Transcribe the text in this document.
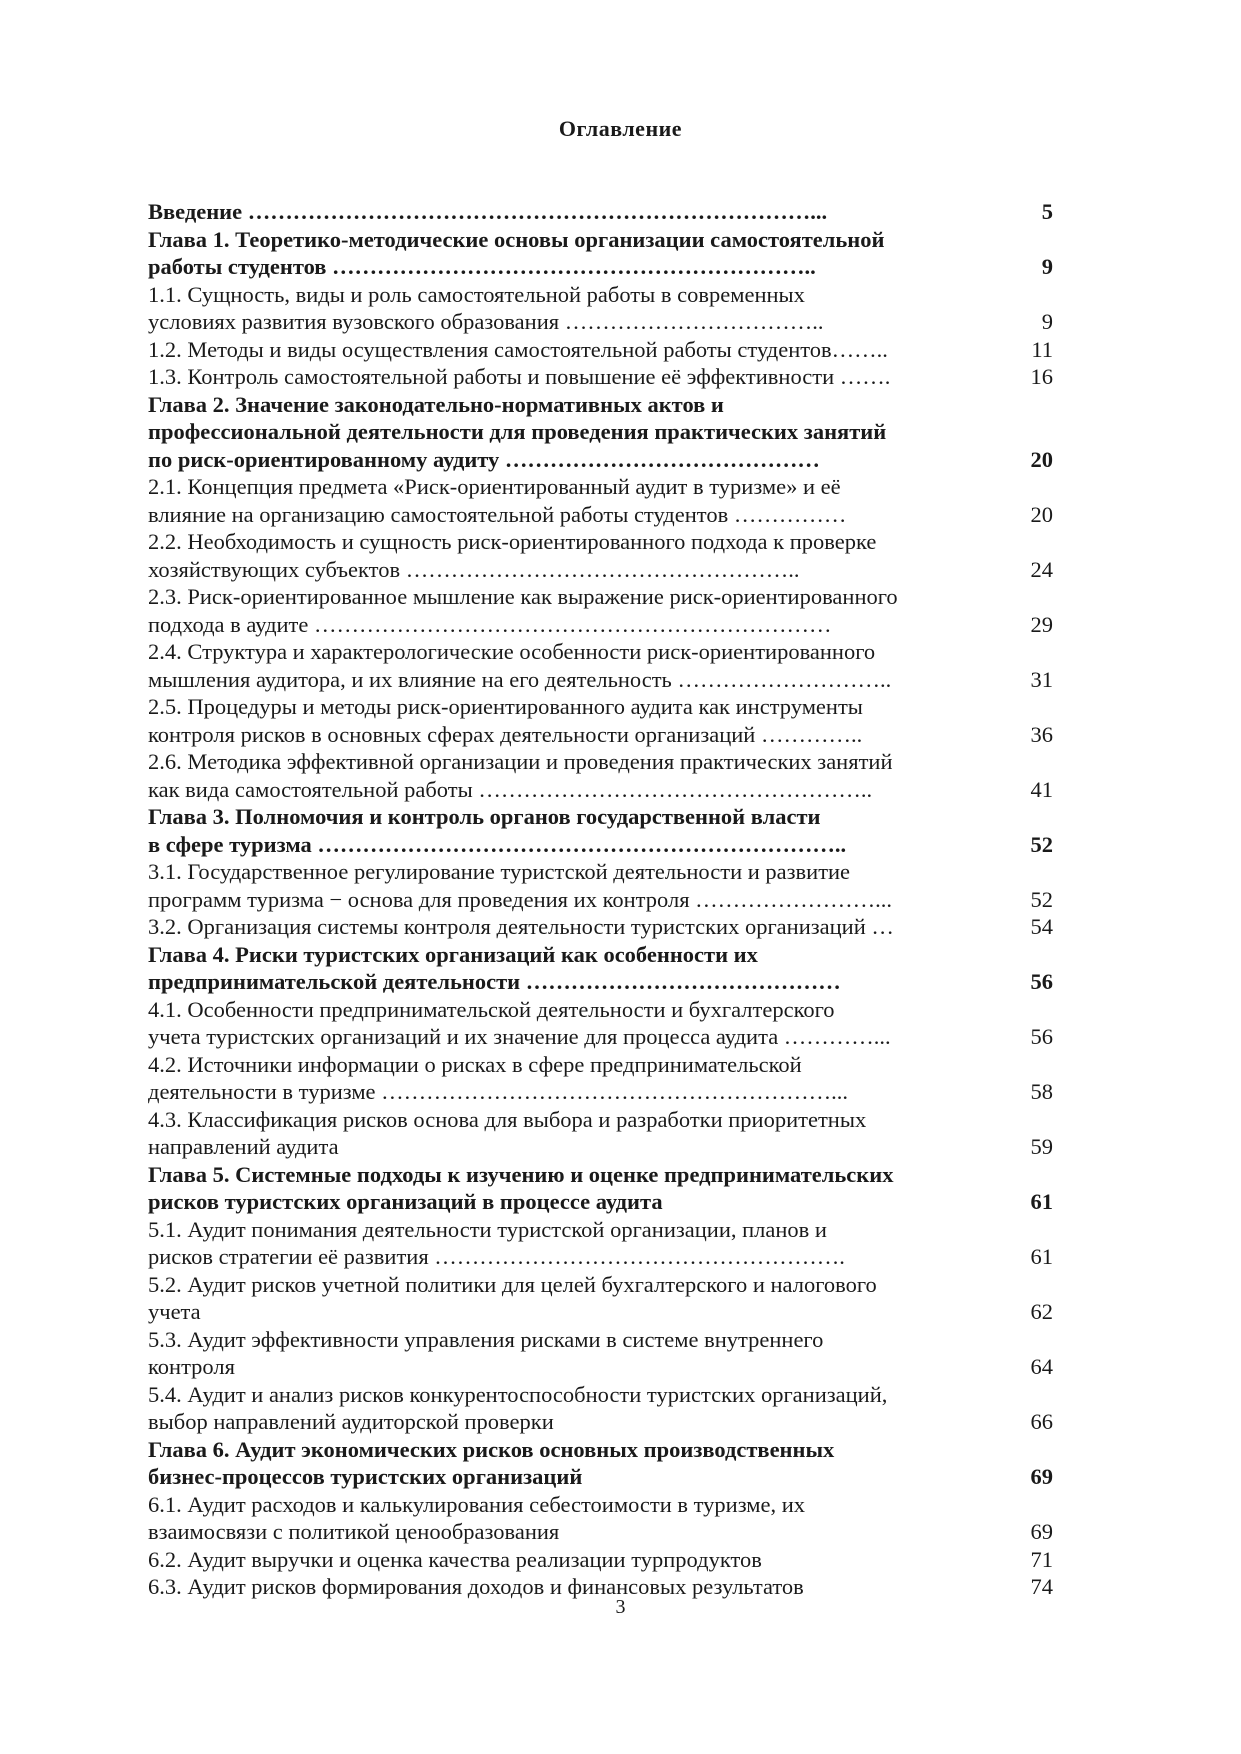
Оглавление
Введение …………………………………………………………………...	5
Глава 1. Теоретико-методические основы организации самостоятельной
работы студентов ………………………………………………………..	9
1.1. Сущность, виды и роль самостоятельной работы в современных
условиях развития вузовского образования ……………………………..	9
1.2. Методы и виды осуществления самостоятельной работы студентов……..	11
1.3. Контроль самостоятельной работы и повышение её эффективности …….	16
Глава 2. Значение законодательно-нормативных актов и
профессиональной деятельности для проведения практических занятий
по риск-ориентированному аудиту ……………………………………	20
2.1. Концепция предмета «Риск-ориентированный аудит в туризме» и её
влияние на организацию самостоятельной работы студентов ……………	20
2.2. Необходимость и сущность риск-ориентированного подхода к проверке
хозяйствующих субъектов ……………………………………………..	24
2.3. Риск-ориентированное мышление как выражение риск-ориентированного
подхода в аудите ……………………………………………………………	29
2.4. Структура и характерологические особенности риск-ориентированного
мышления аудитора, и их влияние на его деятельность ………………………..	31
2.5. Процедуры и методы риск-ориентированного аудита как инструменты
контроля рисков в основных сферах деятельности организаций …………..	36
2.6. Методика эффективной организации и проведения практических занятий
как вида самостоятельной работы ……………………………………………..	41
Глава 3. Полномочия и контроль органов государственной власти
в сфере туризма ……………………………………………………………..	52
3.1. Государственное регулирование туристской деятельности и развитие
программ туризма − основа для проведения их контроля ……………………...	52
3.2. Организация системы контроля деятельности туристских организаций …	54
Глава 4. Риски туристских организаций как особенности их
предпринимательской деятельности ……………………………………	56
4.1. Особенности предпринимательской деятельности и бухгалтерского
учета туристских организаций и их значение для процесса аудита …………...	56
4.2. Источники информации о рисках в сфере предпринимательской
деятельности в туризме ……………………………………………………...	58
4.3. Классификация рисков основа для выбора и разработки приоритетных
направлений аудита	59
Глава 5. Системные подходы к изучению и оценке предпринимательских
рисков туристских организаций в процессе аудита	61
5.1. Аудит понимания деятельности туристской организации, планов и
рисков стратегии её развития ……………………………………………….	61
5.2. Аудит рисков учетной политики для целей бухгалтерского и налогового
учета	62
5.3. Аудит эффективности управления рисками в системе внутреннего
контроля	64
5.4. Аудит и анализ рисков конкурентоспособности туристских организаций,
выбор направлений аудиторской проверки	66
Глава 6. Аудит экономических рисков основных производственных
бизнес-процессов туристских организаций	69
6.1. Аудит расходов и калькулирования себестоимости в туризме, их
взаимосвязи с политикой ценообразования	69
6.2. Аудит выручки и оценка качества реализации турпродуктов	71
6.3. Аудит рисков формирования доходов и финансовых результатов	74
3
